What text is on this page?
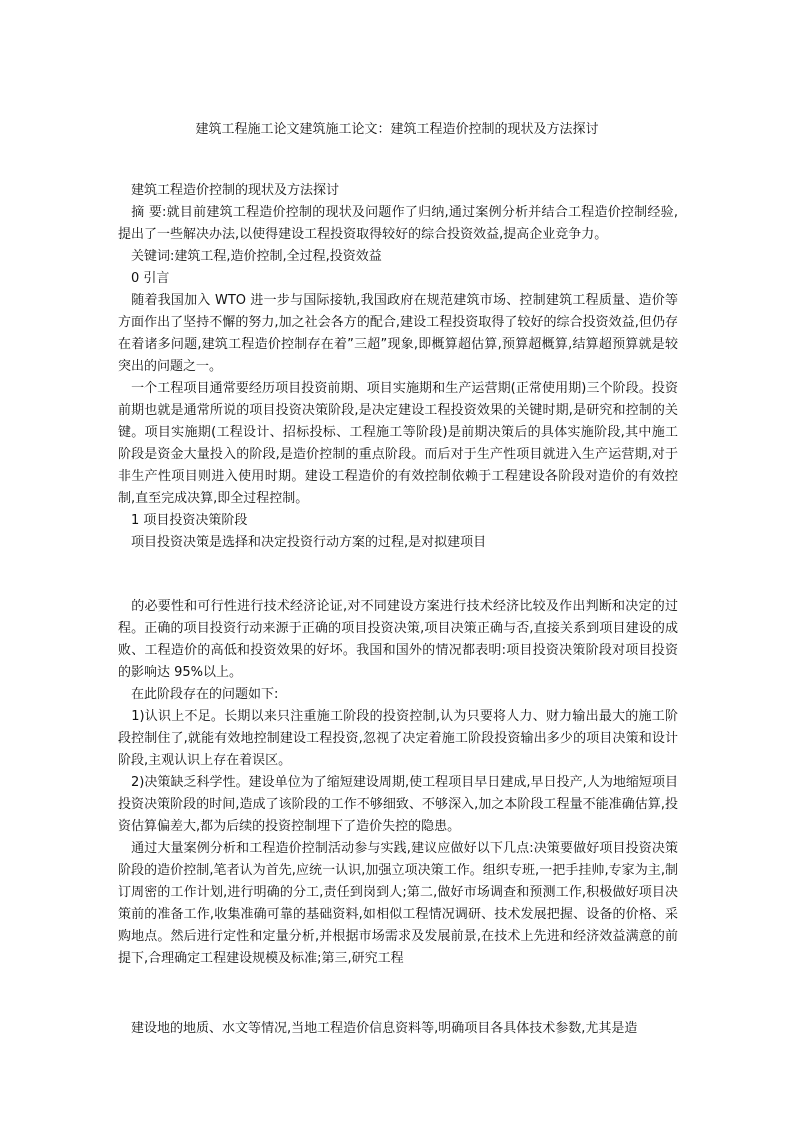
建筑工程施工论文建筑施工论文：建筑工程造价控制的现状及方法探讨

　建筑工程造价控制的现状及方法探讨

　摘 要:就目前建筑工程造价控制的现状及问题作了归纳,通过案例分析并结合工程造价控制经验,提出了一些解决办法,以使得建设工程投资取得较好的综合投资效益,提高企业竞争力。

　关键词:建筑工程,造价控制,全过程,投资效益

　0 引言

　随着我国加入 WTO 进一步与国际接轨,我国政府在规范建筑市场、控制建筑工程质量、造价等方面作出了坚持不懈的努力,加之社会各方的配合,建设工程投资取得了较好的综合投资效益,但仍存在着诸多问题,建筑工程造价控制存在着”三超”现象,即概算超估算,预算超概算,结算超预算就是较突出的问题之一。

　一个工程项目通常要经历项目投资前期、项目实施期和生产运营期(正常使用期)三个阶段。投资前期也就是通常所说的项目投资决策阶段,是决定建设工程投资效果的关键时期,是研究和控制的关键。项目实施期(工程设计、招标投标、工程施工等阶段)是前期决策后的具体实施阶段,其中施工阶段是资金大量投入的阶段,是造价控制的重点阶段。而后对于生产性项目就进入生产运营期,对于非生产性项目则进入使用时期。建设工程造价的有效控制依赖于工程建设各阶段对造价的有效控制,直至完成决算,即全过程控制。

　1 项目投资决策阶段

　项目投资决策是选择和决定投资行动方案的过程,是对拟建项目

　的必要性和可行性进行技术经济论证,对不同建设方案进行技术经济比较及作出判断和决定的过程。正确的项目投资行动来源于正确的项目投资决策,项目决策正确与否,直接关系到项目建设的成败、工程造价的高低和投资效果的好坏。我国和国外的情况都表明:项目投资决策阶段对项目投资的影响达 95%以上。

　在此阶段存在的问题如下:

　1)认识上不足。长期以来只注重施工阶段的投资控制,认为只要将人力、财力输出最大的施工阶段控制住了,就能有效地控制建设工程投资,忽视了决定着施工阶段投资输出多少的项目决策和设计阶段,主观认识上存在着误区。

　2)决策缺乏科学性。建设单位为了缩短建设周期,使工程项目早日建成,早日投产,人为地缩短项目投资决策阶段的时间,造成了该阶段的工作不够细致、不够深入,加之本阶段工程量不能准确估算,投资估算偏差大,都为后续的投资控制埋下了造价失控的隐患。

　通过大量案例分析和工程造价控制活动参与实践,建议应做好以下几点:决策要做好项目投资决策阶段的造价控制,笔者认为首先,应统一认识,加强立项决策工作。组织专班,一把手挂帅,专家为主,制订周密的工作计划,进行明确的分工,责任到岗到人;第二,做好市场调查和预测工作,积极做好项目决策前的准备工作,收集准确可靠的基础资料,如相似工程情况调研、技术发展把握、设备的价格、采购地点。然后进行定性和定量分析,并根据市场需求及发展前景,在技术上先进和经济效益满意的前提下,合理确定工程建设规模及标准;第三,研究工程

　建设地的地质、水文等情况,当地工程造价信息资料等,明确项目各具体技术参数,尤其是造
